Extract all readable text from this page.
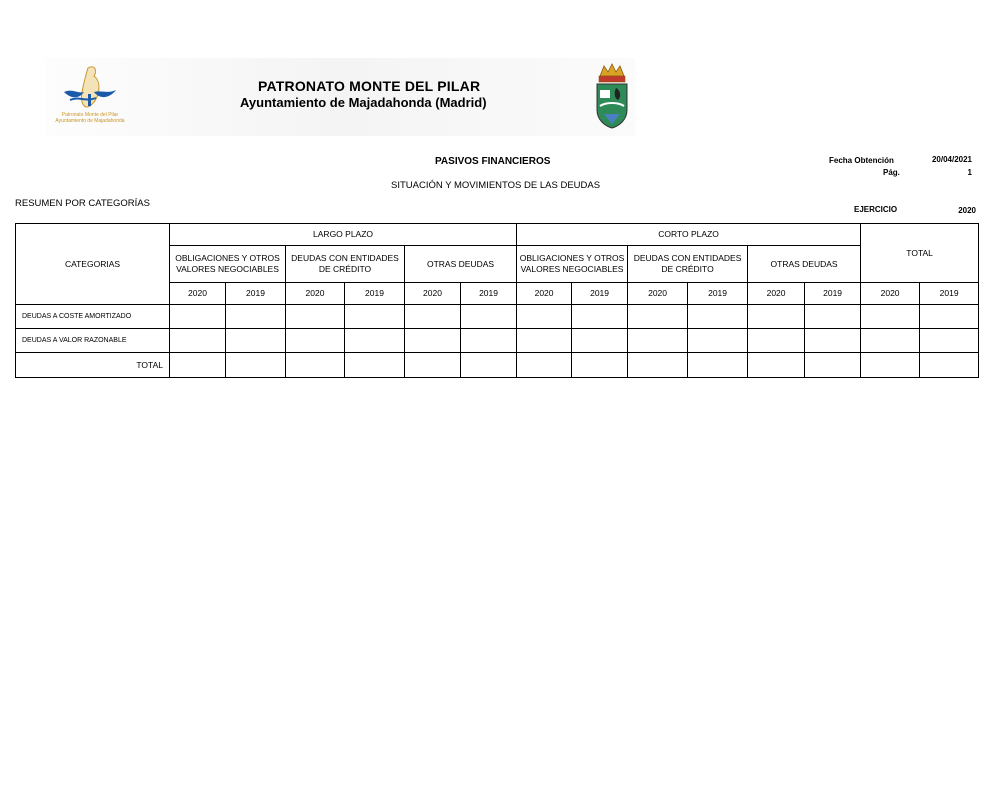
Patronato Monte del Pilar
Ayuntamiento de Majadahonda
PATRONATO MONTE DEL PILAR
Ayuntamiento de Majadahonda (Madrid)
PASIVOS FINANCIEROS
SITUACIÓN Y MOVIMIENTOS DE LAS DEUDAS
Fecha Obtención	20/04/2021
Pág.	1
RESUMEN POR CATEGORÍAS
EJERCICIO	2020
CATEGORIAS	LARGO PLAZO						CORTO PLAZO						TOTAL	
	OBLIGACIONES Y OTROS VALORES NEGOCIABLES		DEUDAS CON ENTIDADES DE CRÉDITO		OTRAS DEUDAS		OBLIGACIONES Y OTROS VALORES NEGOCIABLES		DEUDAS CON ENTIDADES DE CRÉDITO		OTRAS DEUDAS			
	2020	2019	2020	2019	2020	2019	2020	2019	2020	2019	2020	2019	2020	2019
DEUDAS A COSTE AMORTIZADO														
DEUDAS A VALOR RAZONABLE														
TOTAL														
